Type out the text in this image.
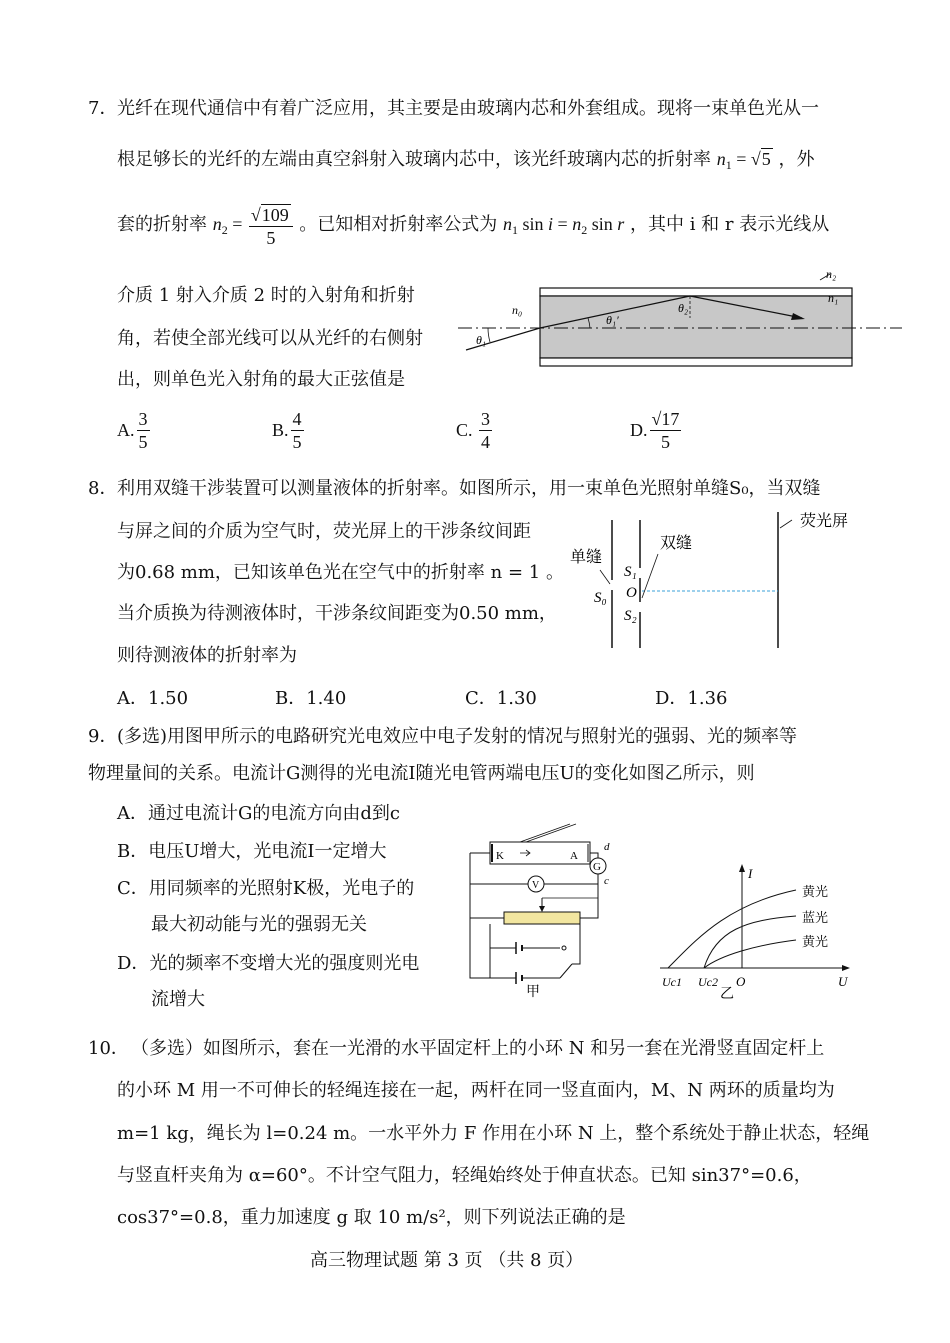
7． 光纤在现代通信中有着广泛应用，其主要是由玻璃内芯和外套组成。现将一束单色光从一
根足够长的光纤的左端由真空斜射入玻璃内芯中，该光纤玻璃内芯的折射率 $n_1 = √5$ ，外
套的折射率 $n_2 = \frac{√109}{5}$ 。已知相对折射率公式为 $n_1$ $\sin i = n_2$ sin r ，其中 i 和 r 表示光线从
介质 1 射入介质 2 时的入射角和折射
角，若使全部光线可以从光纤的右侧射
出，则单色光入射角的最大正弦值是
n₀
n₂
n₁
θ₁
θ₁′
θ₂
A. $\frac{3}{5}$	B. $\frac{4}{5}$	C. $\frac{3}{4}$	D. $\frac{√17}{5}$
8． 利用双缝干涉装置可以测量液体的折射率。如图所示，用一束单色光照射单缝S₀，当双缝
与屏之间的介质为空气时，荧光屏上的干涉条纹间距
为0.68 mm，已知该单色光在空气中的折射率 n = 1 。
当介质换为待测液体时，干涉条纹间距变为0.50 mm，
则待测液体的折射率为
荧光屏
单缝
双缝
S₁
S₀ O
S₂
A．1.50	B．1.40	C．1.30	D．1.36
9． (多选)用图甲所示的电路研究光电效应中电子发射的情况与照射光的强弱、光的频率等
物理量间的关系。电流计G测得的光电流I随光电管两端电压U的变化如图乙所示，则
A．通过电流计G的电流方向由d到c
B．电压U增大，光电流I一定增大
C．用同频率的光照射K极，光电子的
最大初动能与光的强弱无关
D．光的频率不变增大光的强度则光电
流增大
K	A
G
d
c
V
甲
I
U
O
Uc1 Uc2
黄光
蓝光
黄光
乙
10． （多选）如图所示，套在一光滑的水平固定杆上的小环 N 和另一套在光滑竖直固定杆上
的小环 M 用一不可伸长的轻绳连接在一起，两杆在同一竖直面内，M、N 两环的质量均为
m=1 kg，绳长为 l=0.24 m。一水平外力 F 作用在小环 N 上，整个系统处于静止状态，轻绳
与竖直杆夹角为 α=60°。不计空气阻力，轻绳始终处于伸直状态。已知 sin37°=0.6，
cos37°=0.8，重力加速度 g 取 10 m/s²，则下列说法正确的是
高三物理试题 第 3 页 （共 8 页）
